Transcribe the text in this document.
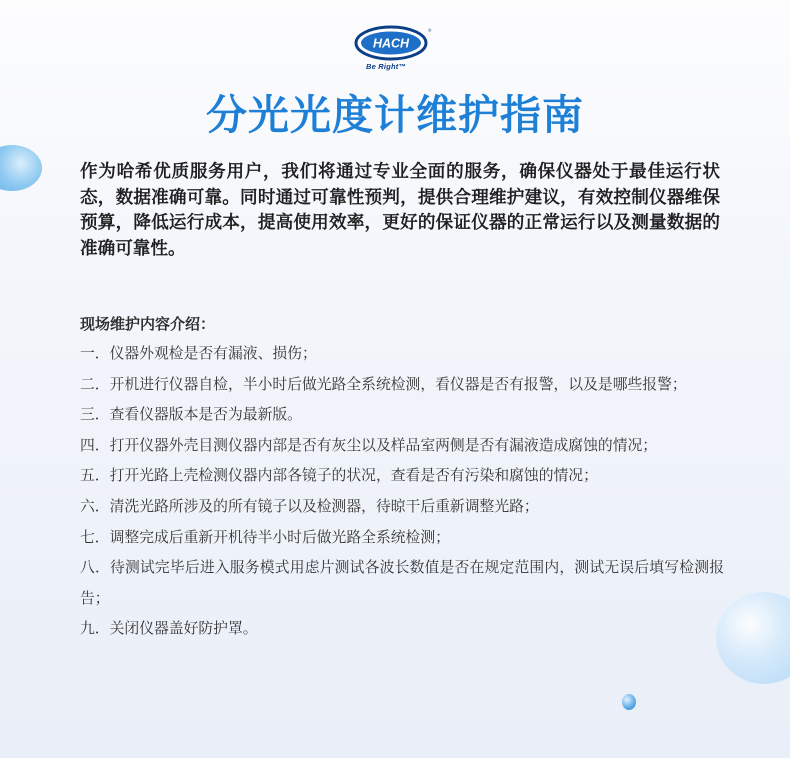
HACH
®
Be Right™
分光光度计维护指南

作为哈希优质服务用户，我们将通过专业全面的服务，确保仪器处于最佳运行状态，数据准确可靠。同时通过可靠性预判，提供合理维护建议，有效控制仪器维保预算，降低运行成本，提高使用效率，更好的保证仪器的正常运行以及测量数据的准确可靠性。

现场维护内容介绍：
一．仪器外观检是否有漏液、损伤；
二．开机进行仪器自检，半小时后做光路全系统检测，看仪器是否有报警，以及是哪些报警；
三．查看仪器版本是否为最新版。
四．打开仪器外壳目测仪器内部是否有灰尘以及样品室两侧是否有漏液造成腐蚀的情况；
五．打开光路上壳检测仪器内部各镜子的状况，查看是否有污染和腐蚀的情况；
六．清洗光路所涉及的所有镜子以及检测器，待晾干后重新调整光路；
七．调整完成后重新开机待半小时后做光路全系统检测；
八．待测试完毕后进入服务模式用虑片测试各波长数值是否在规定范围内，测试无误后填写检测报告；
九．关闭仪器盖好防护罩。
